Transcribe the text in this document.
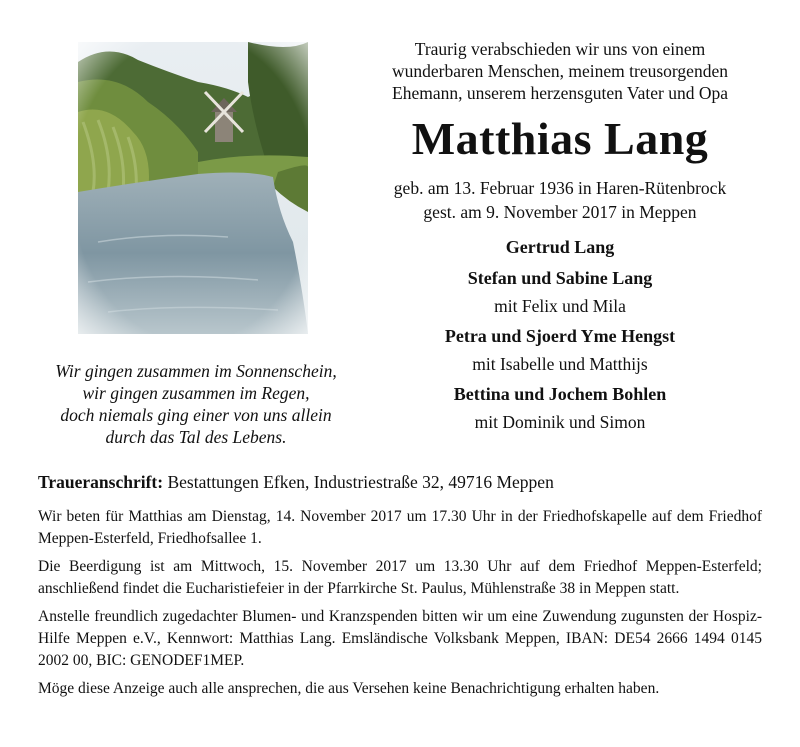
Wir gingen zusammen im Sonnenschein,
wir gingen zusammen im Regen,
doch niemals ging einer von uns allein
durch das Tal des Lebens.
Traurig verabschieden wir uns von einem
wunderbaren Menschen, meinem treusorgenden
Ehemann, unserem herzensguten Vater und Opa
Matthias Lang
geb. am 13. Februar 1936 in Haren-Rütenbrock
gest. am 9. November 2017 in Meppen
Gertrud Lang
Stefan und Sabine Lang
mit Felix und Mila
Petra und Sjoerd Yme Hengst
mit Isabelle und Matthijs
Bettina und Jochem Bohlen
mit Dominik und Simon
Traueranschrift: Bestattungen Efken, Industriestraße 32, 49716 Meppen

Wir beten für Matthias am Dienstag, 14. November 2017 um 17.30 Uhr in der Friedhofskapelle auf dem Friedhof Meppen-Esterfeld, Friedhofsallee 1.

Die Beerdigung ist am Mittwoch, 15. November 2017 um 13.30 Uhr auf dem Friedhof Meppen-Esterfeld; anschließend findet die Eucharistiefeier in der Pfarrkirche St. Paulus, Mühlenstraße 38 in Meppen statt.

Anstelle freundlich zugedachter Blumen- und Kranzspenden bitten wir um eine Zuwendung zugunsten der Hospiz-Hilfe Meppen e.V., Kennwort: Matthias Lang. Emsländische Volksbank Meppen, IBAN: DE54 2666 1494 0145 2002 00, BIC: GENODEF1MEP.

Möge diese Anzeige auch alle ansprechen, die aus Versehen keine Benachrichtigung erhalten haben.
